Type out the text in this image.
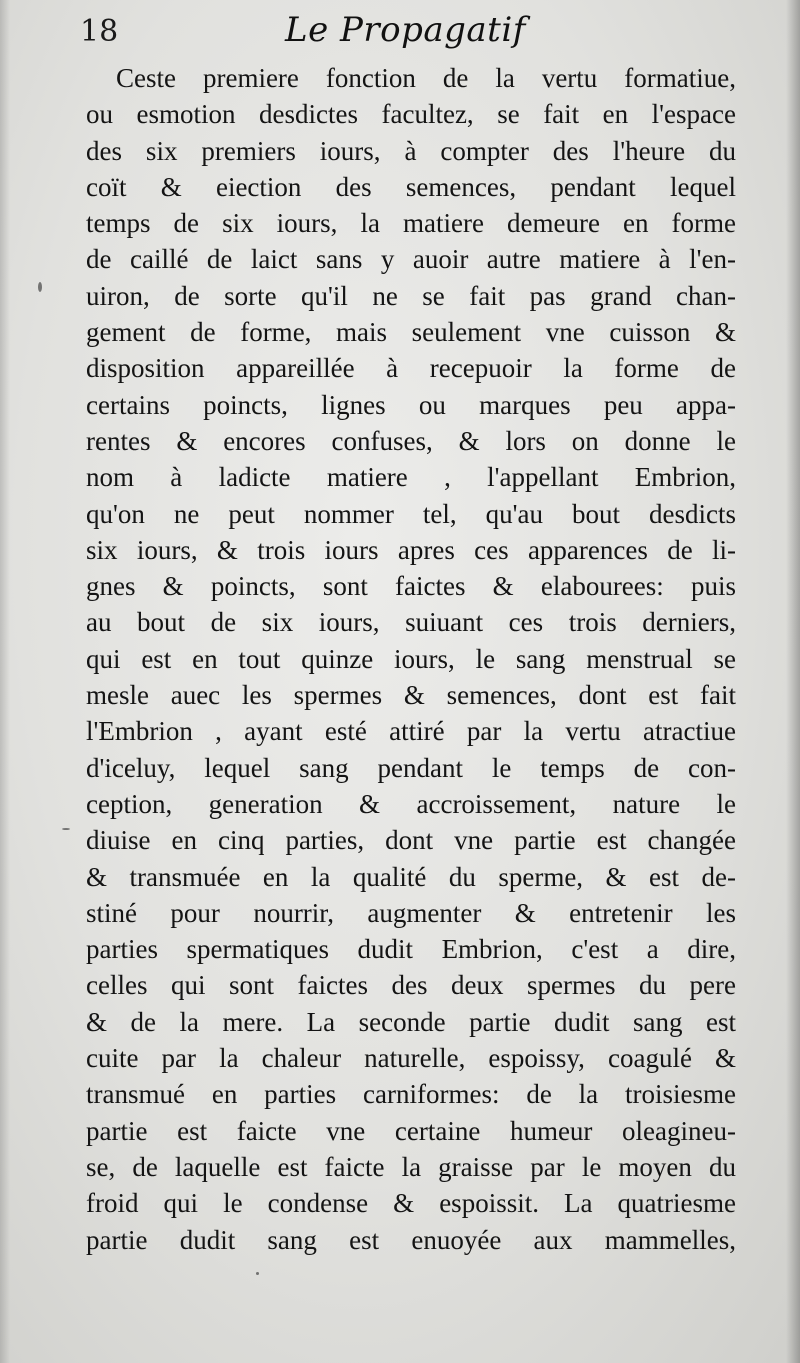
18	Le Propagatif
Ceste premiere fonction de la vertu formatiue,
ou esmotion desdictes facultez, se fait en l'espace
des six premiers iours, à compter des l'heure du
coït & eiection des semences, pendant lequel
temps de six iours, la matiere demeure en forme
de caillé de laict sans y auoir autre matiere à l'en-
uiron, de sorte qu'il ne se fait pas grand chan-
gement de forme, mais seulement vne cuisson &
disposition appareillée à recepuoir la forme de
certains poincts, lignes ou marques peu appa-
rentes & encores confuses, & lors on donne le
nom à ladicte matiere , l'appellant Embrion,
qu'on ne peut nommer tel, qu'au bout desdicts
six iours, & trois iours apres ces apparences de li-
gnes & poincts, sont faictes & elabourees: puis
au bout de six iours, suiuant ces trois derniers,
qui est en tout quinze iours, le sang menstrual se
mesle auec les spermes & semences, dont est fait
l'Embrion , ayant esté attiré par la vertu atractiue
d'iceluy, lequel sang pendant le temps de con-
ception, generation & accroissement, nature le
diuise en cinq parties, dont vne partie est changée
& transmuée en la qualité du sperme, & est de-
stiné pour nourrir, augmenter & entretenir les
parties spermatiques dudit Embrion, c'est a dire,
celles qui sont faictes des deux spermes du pere
& de la mere. La seconde partie dudit sang est
cuite par la chaleur naturelle, espoissy, coagulé &
transmué en parties carniformes: de la troisiesme
partie est faicte vne certaine humeur oleagineu-
se, de laquelle est faicte la graisse par le moyen du
froid qui le condense & espoissit. La quatriesme
partie dudit sang est enuoyée aux mammelles,
